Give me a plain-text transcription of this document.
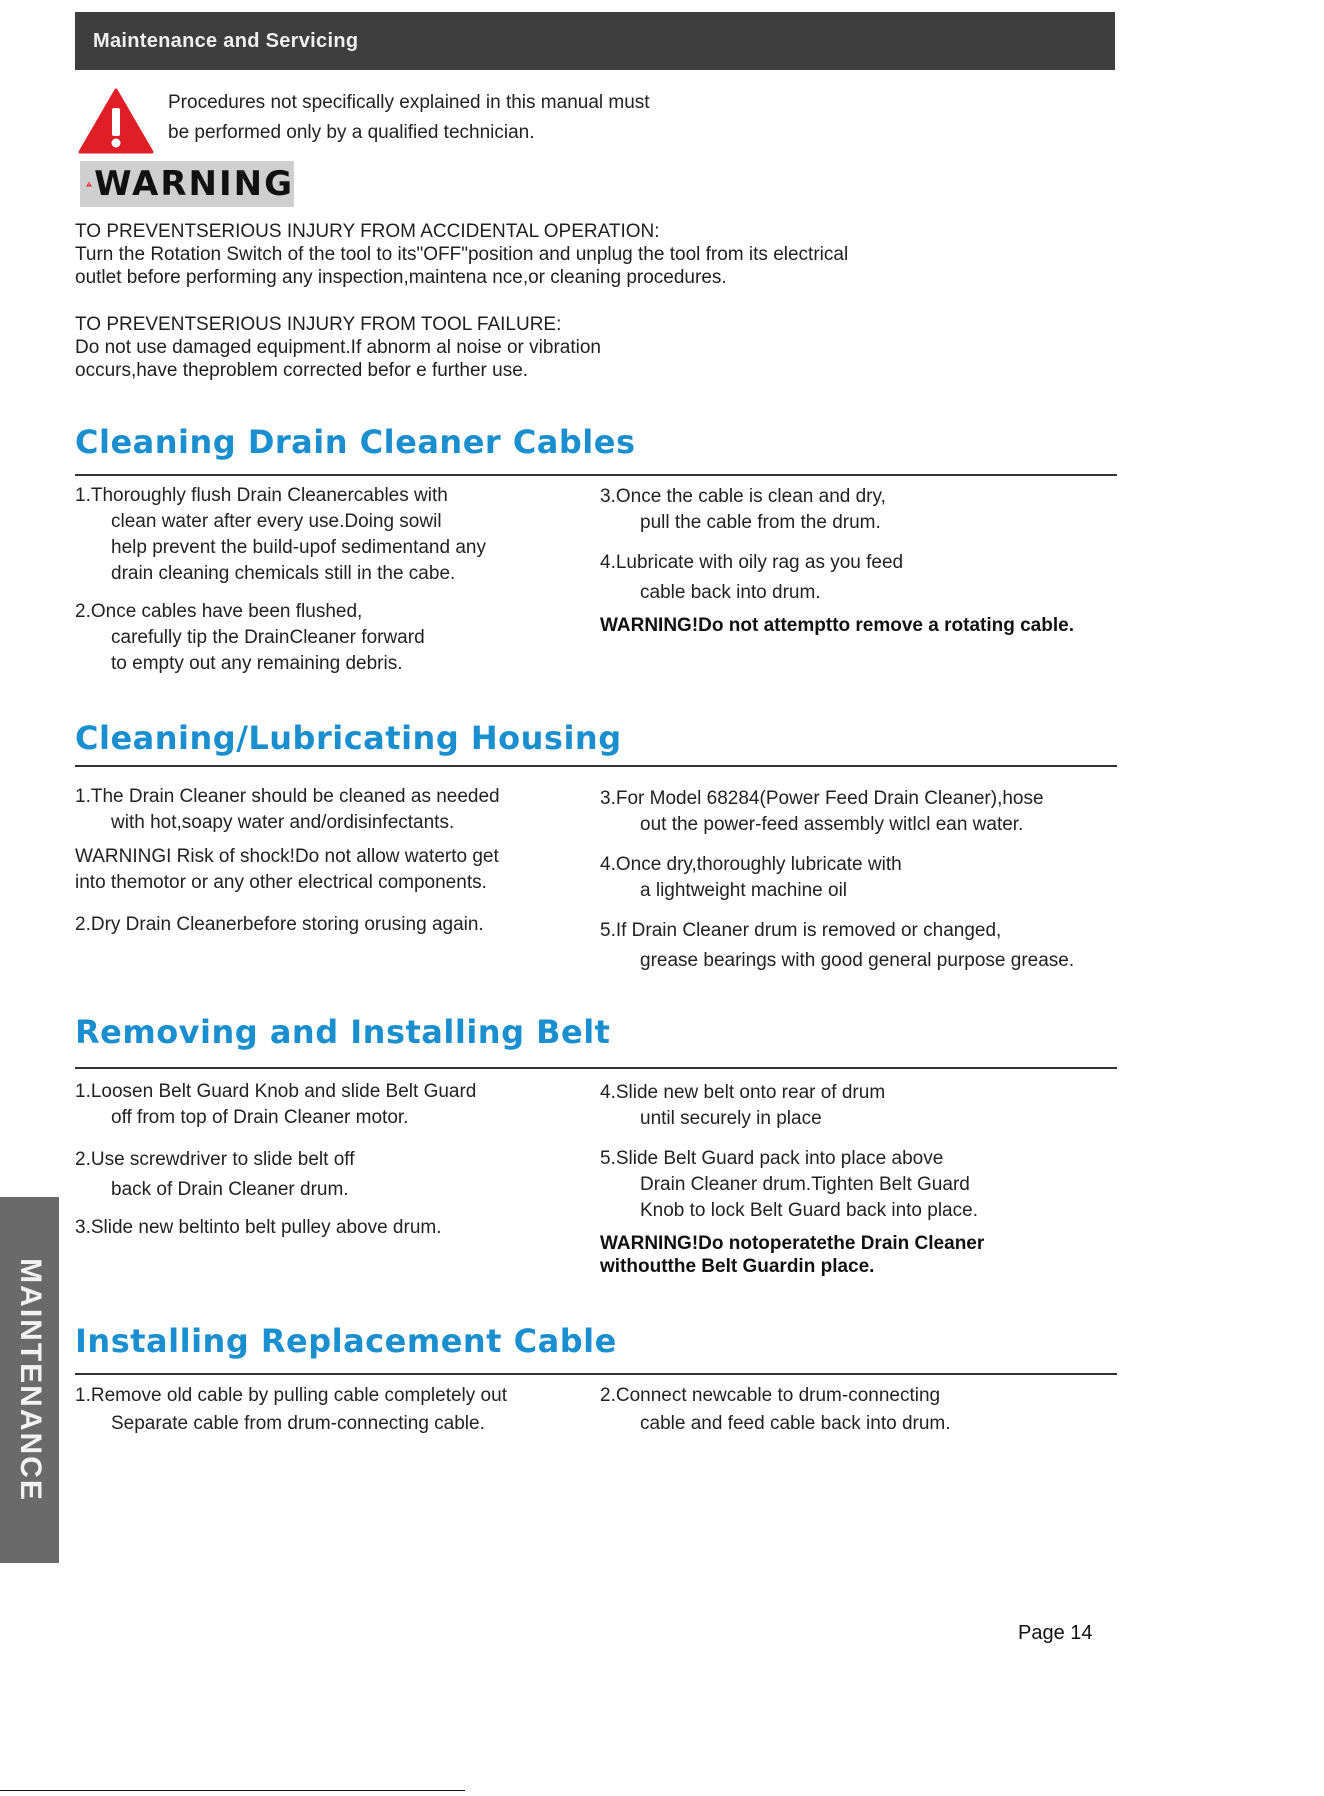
Maintenance and Servicing
Procedures not specifically explained in this manual must
be performed only by a qualified technician.
WARNING
TO PREVENTSERIOUS INJURY FROM ACCIDENTAL OPERATION:
Turn the Rotation Switch of the tool to its"OFF"position and unplug the tool from its electrical
outlet before performing any inspection,maintena nce,or cleaning procedures.
TO PREVENTSERIOUS INJURY FROM TOOL FAILURE:
Do not use damaged equipment.If abnorm al noise or vibration
occurs,have theproblem corrected befor e further use.
Cleaning Drain Cleaner Cables
1.Thoroughly flush Drain Cleanercables with
clean water after every use.Doing sowil
help prevent the build-upof sedimentand any
drain cleaning chemicals still in the cabe.
2.Once cables have been flushed,
carefully tip the DrainCleaner forward
to empty out any remaining debris.
3.Once the cable is clean and dry,
pull the cable from the drum.
4.Lubricate with oily rag as you feed
cable back into drum.
WARNING!Do not attemptto remove a rotating cable.
Cleaning/Lubricating Housing
1.The Drain Cleaner should be cleaned as needed
with hot,soapy water and/ordisinfectants.
WARNINGI Risk of shock!Do not allow waterto get
into themotor or any other electrical components.
2.Dry Drain Cleanerbefore storing orusing again.
3.For Model 68284(Power Feed Drain Cleaner),hose
out the power-feed assembly witlcl ean water.
4.Once dry,thoroughly lubricate with
a lightweight machine oil
5.If Drain Cleaner drum is removed or changed,
grease bearings with good general purpose grease.
Removing and Installing Belt
1.Loosen Belt Guard Knob and slide Belt Guard
off from top of Drain Cleaner motor.
2.Use screwdriver to slide belt off
back of Drain Cleaner drum.
3.Slide new beltinto belt pulley above drum.
4.Slide new belt onto rear of drum
until securely in place
5.Slide Belt Guard pack into place above
Drain Cleaner drum.Tighten Belt Guard
Knob to lock Belt Guard back into place.
WARNING!Do notoperatethe Drain Cleaner
withoutthe Belt Guardin place.
Installing Replacement Cable
1.Remove old cable by pulling cable completely out
Separate cable from drum-connecting cable.
2.Connect newcable to drum-connecting
cable and feed cable back into drum.
MAINTENANCE
Page 14
